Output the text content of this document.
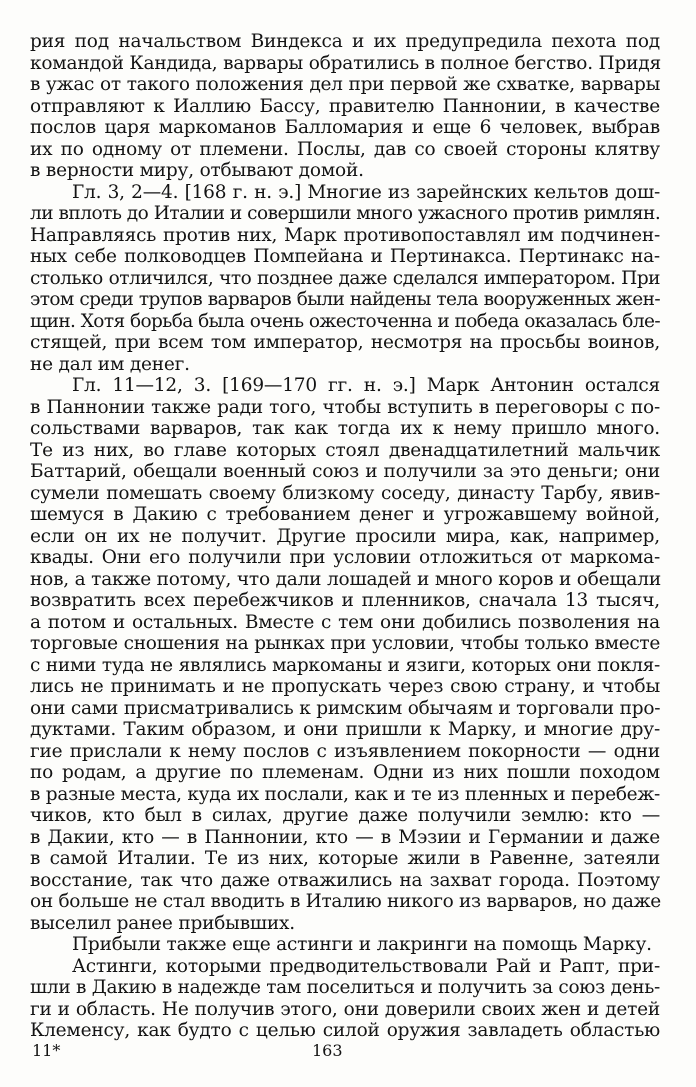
рия под начальством Виндекса и их предупредила пехота под
командой Кандида, варвары обратились в полное бегство. Придя
в ужас от такого положения дел при первой же схватке, варвары
отправляют к Иаллию Бассу, правителю Паннонии, в качестве
послов царя маркоманов Балломария и еще 6 человек, выбрав
их по одному от племени. Послы, дав со своей стороны клятву
в верности миру, отбывают домой.
Гл. 3, 2—4. [168 г. н. э.] Многие из зарейнских кельтов дош-
ли вплоть до Италии и совершили много ужасного против римлян.
Направляясь против них, Марк противопоставлял им подчинен-
ных себе полководцев Помпейана и Пертинакса. Пертинакс на-
столько отличился, что позднее даже сделался императором. При
этом среди трупов варваров были найдены тела вооруженных жен-
щин. Хотя борьба была очень ожесточенна и победа оказалась бле-
стящей, при всем том император, несмотря на просьбы воинов,
не дал им денег.
Гл. 11—12, 3. [169—170 гг. н. э.] Марк Антонин остался
в Паннонии также ради того, чтобы вступить в переговоры с по-
сольствами варваров, так как тогда их к нему пришло много.
Те из них, во главе которых стоял двенадцатилетний мальчик
Баттарий, обещали военный союз и получили за это деньги; они
сумели помешать своему близкому соседу, династу Тарбу, явив-
шемуся в Дакию с требованием денег и угрожавшему войной,
если он их не получит. Другие просили мира, как, например,
квады. Они его получили при условии отложиться от маркома-
нов, а также потому, что дали лошадей и много коров и обещали
возвратить всех перебежчиков и пленников, сначала 13 тысяч,
а потом и остальных. Вместе с тем они добились позволения на
торговые сношения на рынках при условии, чтобы только вместе
с ними туда не являлись маркоманы и язиги, которых они покля-
лись не принимать и не пропускать через свою страну, и чтобы
они сами присматривались к римским обычаям и торговали про-
дуктами. Таким образом, и они пришли к Марку, и многие дру-
гие прислали к нему послов с изъявлением покорности — одни
по родам, а другие по племенам. Одни из них пошли походом
в разные места, куда их послали, как и те из пленных и перебеж-
чиков, кто был в силах, другие даже получили землю: кто —
в Дакии, кто — в Паннонии, кто — в Мэзии и Германии и даже
в самой Италии. Те из них, которые жили в Равенне, затеяли
восстание, так что даже отважились на захват города. Поэтому
он больше не стал вводить в Италию никого из варваров, но даже
выселил ранее прибывших.
Прибыли также еще астинги и лакринги на помощь Марку.
Астинги, которыми предводительствовали Рай и Рапт, при-
шли в Дакию в надежде там поселиться и получить за союз день-
ги и область. Не получив этого, они доверили своих жен и детей
Клеменсу, как будто с целью силой оружия завладеть областью
11*	163
